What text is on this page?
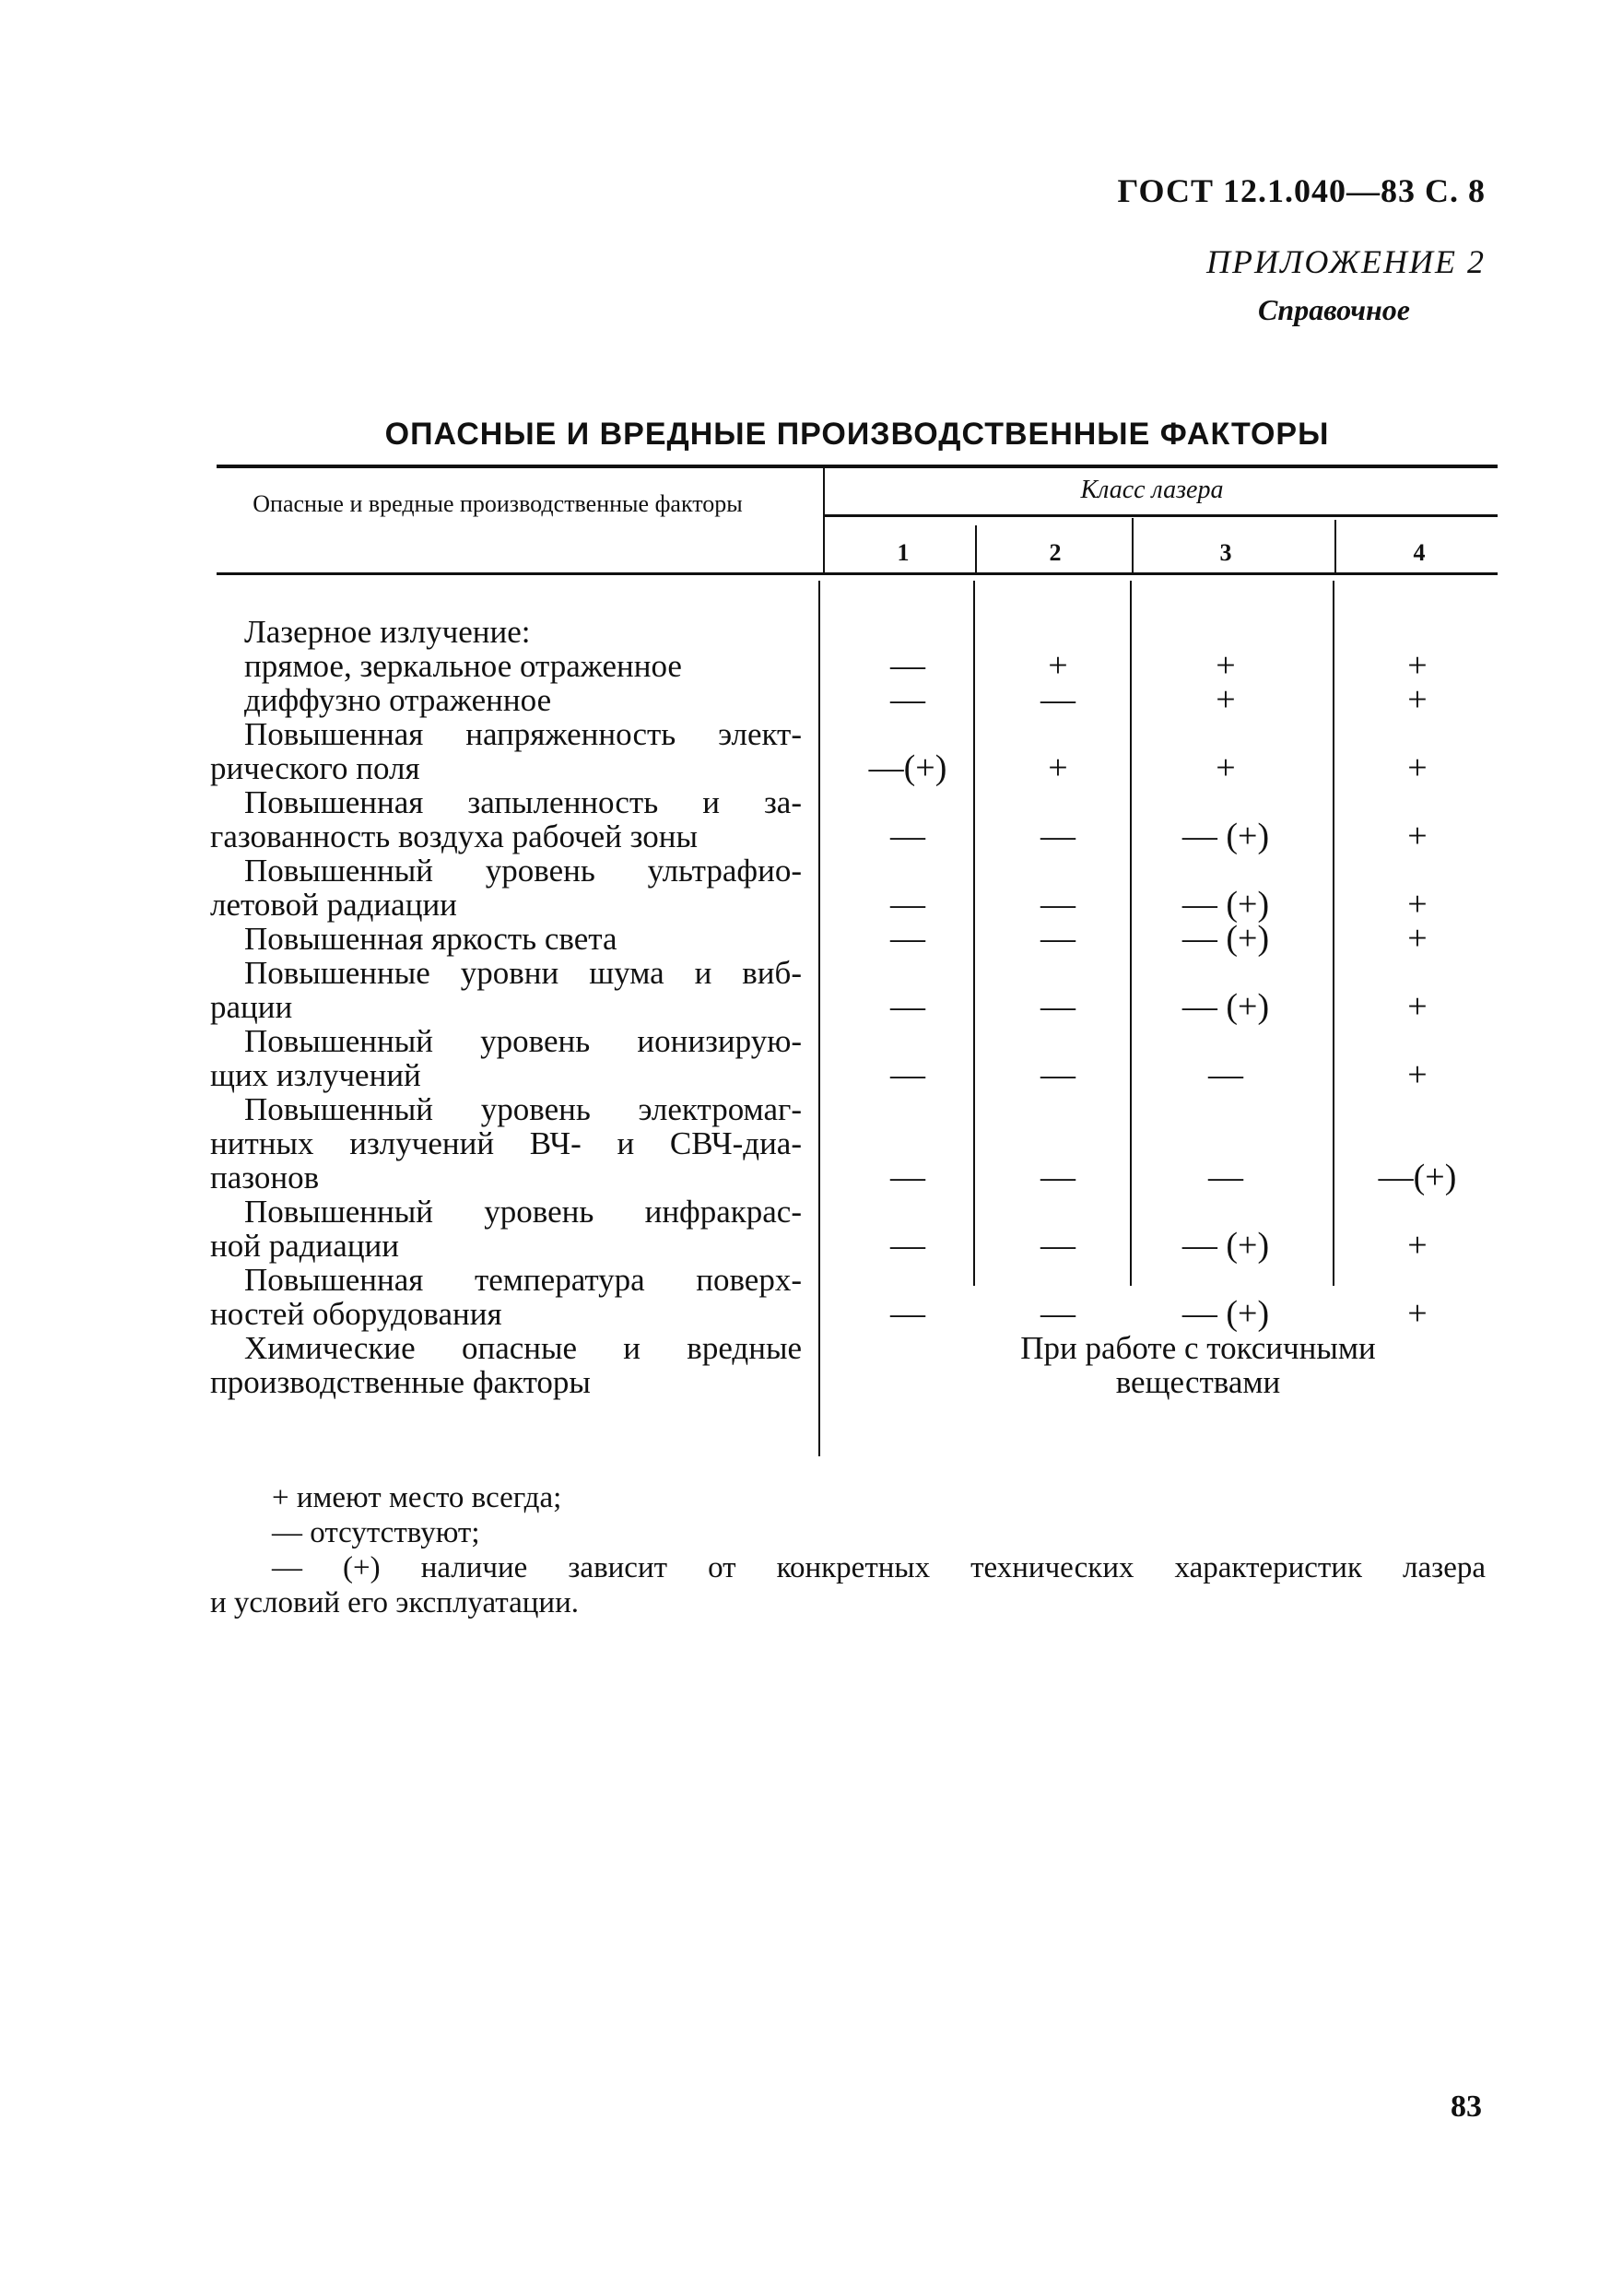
ГОСТ 12.1.040—83 С. 8
ПРИЛОЖЕНИЕ 2
Справочное
ОПАСНЫЕ И ВРЕДНЫЕ ПРОИЗВОДСТВЕННЫЕ ФАКТОРЫ
Опасные и вредные производственные факторы	Класс лазера
1	2	3	4
Лазерное излучение:
прямое, зеркальное отраженное	—	+	+	+
диффузно отраженное	—	—	+	+
Повышенная напряженность элект-
рического поля	—(+)	+	+	+
Повышенная запыленность и за-
газованность воздуха рабочей зоны	—	—	— (+)	+
Повышенный уровень ультрафио-
летовой радиации	—	—	— (+)	+
Повышенная яркость света	—	—	— (+)	+
Повышенные уровни шума и виб-
рации	—	—	— (+)	+
Повышенный уровень ионизирую-
щих излучений	—	—	—	+
Повышенный уровень электромаг-
нитных излучений ВЧ- и СВЧ-диа-
пазонов	—	—	—	—(+)
Повышенный уровень инфракрас-
ной радиации	—	—	— (+)	+
Повышенная температура поверх-
ностей оборудования	—	—	— (+)	+
Химические опасные и вредные
производственные факторы
При работе с токсичными веществами
+ имеют место всегда;
— отсутствуют;
— (+) наличие зависит от конкретных технических характеристик лазера
и условий его эксплуатации.
83
